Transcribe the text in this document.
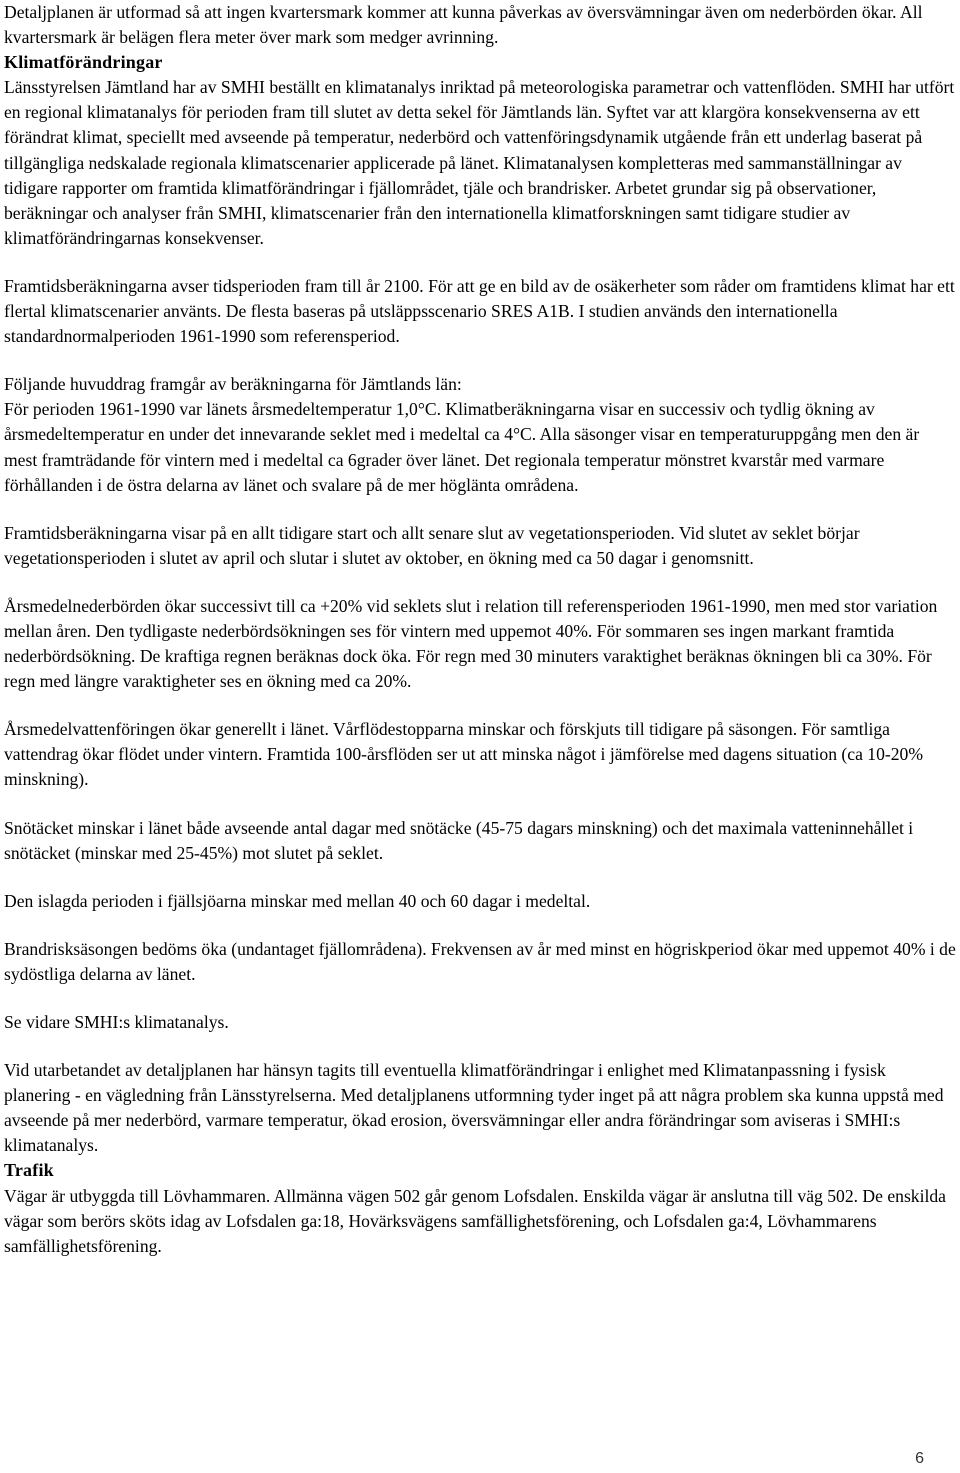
Detaljplanen är utformad så att ingen kvartersmark kommer att kunna påverkas av översvämningar även om nederbörden ökar. All kvartersmark är belägen flera meter över mark som medger avrinning.

Klimatförändringar

Länsstyrelsen Jämtland har av SMHI beställt en klimatanalys inriktad på meteorologiska parametrar och vattenflöden. SMHI har utfört en regional klimatanalys för perioden fram till slutet av detta sekel för Jämtlands län. Syftet var att klargöra konsekvenserna av ett förändrat klimat, speciellt med avseende på temperatur, nederbörd och vattenföringsdynamik utgående från ett underlag baserat på tillgängliga nedskalade regionala klimatscenarier applicerade på länet. Klimatanalysen kompletteras med sammanställningar av tidigare rapporter om framtida klimatförändringar i fjällområdet, tjäle och brandrisker. Arbetet grundar sig på observationer, beräkningar och analyser från SMHI, klimatscenarier från den internationella klimatforskningen samt tidigare studier av klimatförändringarnas konsekvenser.

Framtidsberäkningarna avser tidsperioden fram till år 2100. För att ge en bild av de osäkerheter som råder om framtidens klimat har ett flertal klimatscenarier använts. De flesta baseras på utsläppsscenario SRES A1B. I studien används den internationella standardnormalperioden 1961-1990 som referensperiod.

Följande huvuddrag framgår av beräkningarna för Jämtlands län:

För perioden 1961-1990 var länets årsmedeltemperatur 1,0°C. Klimatberäkningarna visar en successiv och tydlig ökning av årsmedeltemperatur en under det innevarande seklet med i medeltal ca 4°C. Alla säsonger visar en temperaturuppgång men den är mest framträdande för vintern med i medeltal ca 6grader över länet. Det regionala temperatur mönstret kvarstår med varmare förhållanden i de östra delarna av länet och svalare på de mer höglänta områdena.

Framtidsberäkningarna visar på en allt tidigare start och allt senare slut av vegetationsperioden. Vid slutet av seklet börjar vegetationsperioden i slutet av april och slutar i slutet av oktober, en ökning med ca 50 dagar i genomsnitt.

Årsmedelnederbörden ökar successivt till ca +20% vid seklets slut i relation till referensperioden 1961-1990, men med stor variation mellan åren. Den tydligaste nederbördsökningen ses för vintern med uppemot 40%. För sommaren ses ingen markant framtida nederbördsökning. De kraftiga regnen beräknas dock öka. För regn med 30 minuters varaktighet beräknas ökningen bli ca 30%. För regn med längre varaktigheter ses en ökning med ca 20%.

Årsmedelvattenföringen ökar generellt i länet. Vårflödestopparna minskar och förskjuts till tidigare på säsongen. För samtliga vattendrag ökar flödet under vintern. Framtida 100-årsflöden ser ut att minska något i jämförelse med dagens situation (ca 10-20% minskning).

Snötäcket minskar i länet både avseende antal dagar med snötäcke (45-75 dagars minskning) och det maximala vatteninnehållet i snötäcket (minskar med 25-45%) mot slutet på seklet.

Den islagda perioden i fjällsjöarna minskar med mellan 40 och 60 dagar i medeltal.

Brandrisksäsongen bedöms öka (undantaget fjällområdena). Frekvensen av år med minst en högriskperiod ökar med uppemot 40% i de sydöstliga delarna av länet.

Se vidare SMHI:s klimatanalys.

Vid utarbetandet av detaljplanen har hänsyn tagits till eventuella klimatförändringar i enlighet med Klimatanpassning i fysisk planering - en vägledning från Länsstyrelserna. Med detaljplanens utformning tyder inget på att några problem ska kunna uppstå med avseende på mer nederbörd, varmare temperatur, ökad erosion, översvämningar eller andra förändringar som aviseras i SMHI:s klimatanalys.

Trafik

Vägar är utbyggda till Lövhammaren. Allmänna vägen 502 går genom Lofsdalen. Enskilda vägar är anslutna till väg 502. De enskilda vägar som berörs sköts idag av Lofsdalen ga:18, Hovärksvägens samfällighetsförening, och Lofsdalen ga:4, Lövhammarens samfällighetsförening.

6
